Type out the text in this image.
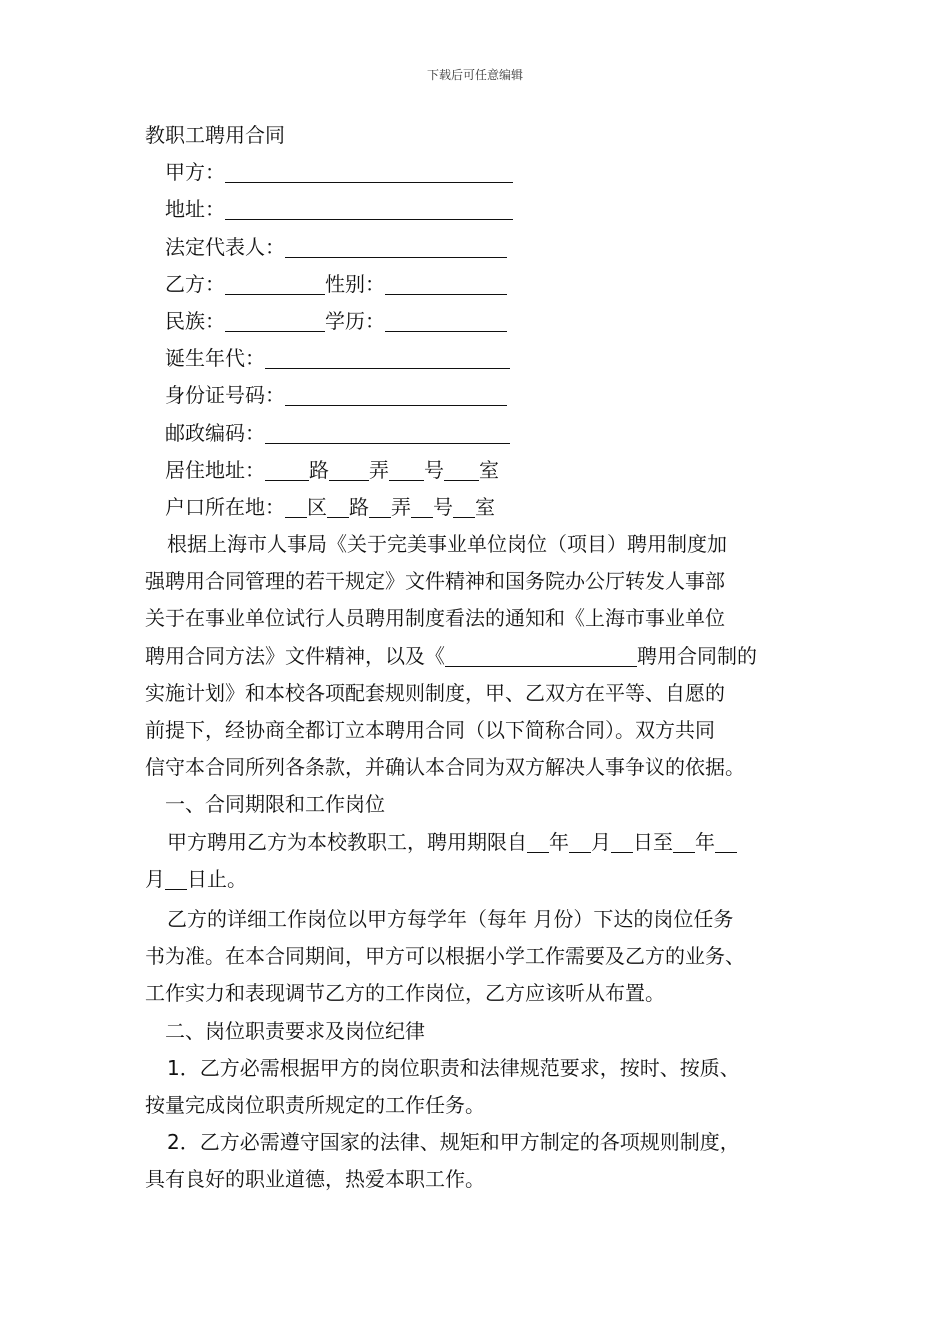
下载后可任意编辑
教职工聘用合同
甲方：
地址：
法定代表人：
乙方：	性别：
民族：	学历：
诞生年代：
身份证号码：
邮政编码：
居住地址： 路 弄 号 室
户口所在地： 区 路 弄 号 室

根据上海市人事局《关于完美事业单位岗位（项目）聘用制度加

强聘用合同管理的若干规定》文件精神和国务院办公厅转发人事部

关于在事业单位试行人员聘用制度看法的通知和《上海市事业单位

聘用合同方法》文件精神，以及《	聘用合同制的

实施计划》和本校各项配套规则制度，甲、乙双方在平等、自愿的

前提下，经协商全都订立本聘用合同（以下简称合同）。双方共同

信守本合同所列各条款，并确认本合同为双方解决人事争议的依据。

一、合同期限和工作岗位

甲方聘用乙方为本校教职工，聘用期限自 年 月 日至 年

月 日止。

乙方的详细工作岗位以甲方每学年（每年 月份）下达的岗位任务

书为准。在本合同期间，甲方可以根据小学工作需要及乙方的业务、

工作实力和表现调节乙方的工作岗位，乙方应该听从布置。

二、岗位职责要求及岗位纪律

1．乙方必需根据甲方的岗位职责和法律规范要求，按时、按质、

按量完成岗位职责所规定的工作任务。

2．乙方必需遵守国家的法律、规矩和甲方制定的各项规则制度，

具有良好的职业道德，热爱本职工作。
